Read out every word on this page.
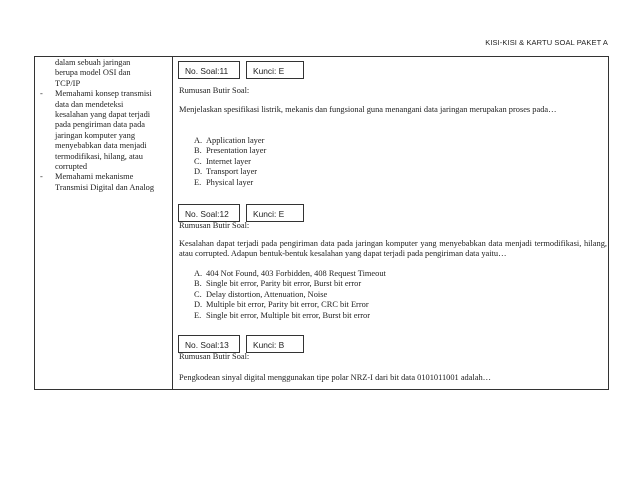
KISI-KISI & KARTU SOAL PAKET A
dalam sebuah jaringan
berupa model OSI dan
TCP/IP
- Memahami konsep transmisi
data dan mendeteksi
kesalahan yang dapat terjadi
pada pengiriman data pada
jaringan komputer yang
menyebabkan data menjadi
termodifikasi, hilang, atau
corrupted
- Memahami mekanisme
Transmisi Digital dan Analog
No. Soal:11	Kunci: E
Rumusan Butir Soal:
Menjelaskan spesifikasi listrik, mekanis dan fungsional guna menangani data jaringan merupakan proses pada…
A. Application layer
B. Presentation layer
C. Internet layer
D. Transport layer
E. Physical layer
No. Soal:12	Kunci: E
Rumusan Butir Soal:
Kesalahan dapat terjadi pada pengiriman data pada jaringan komputer yang menyebabkan data menjadi termodifikasi, hilang, atau corrupted. Adapun bentuk-bentuk kesalahan yang dapat terjadi pada pengiriman data yaitu…
A. 404 Not Found, 403 Forbidden, 408 Request Timeout
B. Single bit error, Parity bit error, Burst bit error
C. Delay distortion, Attenuation, Noise
D. Multiple bit error, Parity bit error, CRC bit Error
E. Single bit error, Multiple bit error, Burst bit error
No. Soal:13	Kunci: B
Rumusan Butir Soal:
Pengkodean sinyal digital menggunakan tipe polar NRZ-I dari bit data 0101011001 adalah…
